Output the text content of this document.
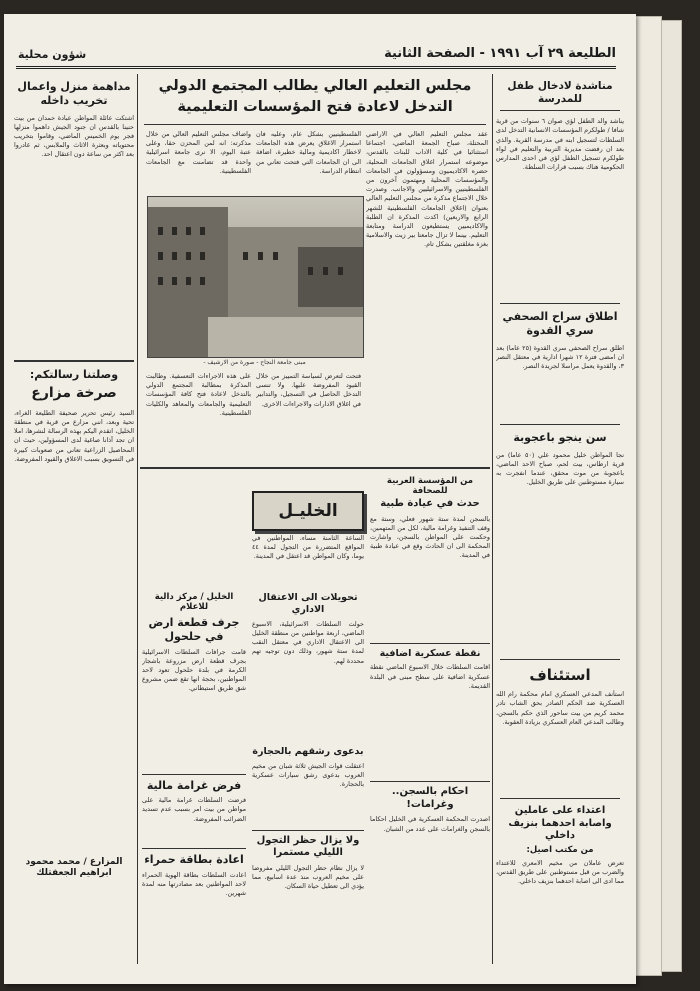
الطليعة ٢٩ آب ١٩٩١ - الصفحة الثانية
شؤون محلية
مناشدة لادخال طفل للمدرسة
يناشد والد الطفل لؤي صوان ٦ سنوات من قرية شافا / طولكرم المؤسسات الانسانية التدخل لدى السلطات لتسجيل ابنه في مدرسة القرية. والذي بعد ان رفضت مديرية التربية والتعليم في لواء طولكرم تسجيل الطفل لؤي في احدى المدارس الحكومية هناك بسبب قرارات السلطة.
اطلاق سراح الصحفي سري القدوة
اطلق سراح الصحفي سري القدوة (٢٥ عاما) بعد ان امضى فترة ١٢ شهرا ادارية في معتقل النصر ٣، والقدوة يعمل مراسلا لجريدة النصر.
سن ينجو باعجوبة
نجا المواطن خليل محمود علي (٥٠ عاما) من قرية ارطاس، بيت لحم، صباح الاحد الماضي، باعجوبة من موت محقق، عندما انفجرت به سيارة مستوطنين على طريق الخليل.
استئناف
استأنف المدعي العسكري امام محكمة رام الله العسكرية ضد الحكم الصادر بحق الشاب نادر محمد كريم من بيت ساحور الذي حكم بالسجن، وطالب المدعي العام العسكري بزيادة العقوبة.
اعتداء على عاملين واصابة احدهما بنزيف داخلي
من مكتب اصيل:
تعرض عاملان من مخيم الامعري للاعتداء والضرب من قبل مستوطنين على طريق القدس، مما ادى الى اصابة احدهما بنزيف داخلي.
مجلس التعليم العالي يطالب المجتمع الدولي التدخل لاعادة فتح المؤسسات التعليمية
عقد مجلس التعليم العالي في الاراضي المحتلة، صباح الجمعة الماضي، اجتماعا استثنائيا في كلية الاداب للبنات بالقدس، موضوعه استمرار اغلاق الجامعات المحلية، حضره الاكاديميون ومسؤولون في الجامعات والمؤسسات المحلية ومهتمون آخرون من الفلسطينيين والاسرائيليين والاجانب. وصدرت خلال الاجتماع مذكرة من مجلس التعليم العالي بعنوان (اغلاق الجامعات الفلسطينية للشهر الرابع والاربعين) اكدت المذكرة ان الطلبة والاكاديميين يستطيعون الدراسة ومتابعة التعليم. بينما لا تزال جامعتا بير زيت والاسلامية بغزة مغلقتين بشكل تام.
الفلسطينيين بشكل عام، وعليه فان استمرار الاغلاق يعرض هذه الجامعات لاخطار اكاديمية ومالية خطيرة، اضافة الى ان الجامعات التي فتحت تعاني من انتظام الدراسة.
واضاف مجلس التعليم العالي من خلال مذكرته: انه لمن المحزن حقا، وعلى عتبة اليوم، الا نرى جامعة اسرائيلية واحدة قد تضامنت مع الجامعات الفلسطينية.
مبنى جامعة النجاح - صورة من الارشيف -
فتحت لتعرض لسياسة التمييز من خلال القيود المفروضة عليها. ولا تنسى التدخل الحاصل في التسجيل، والتدابير في اغلاق الادارات والاجراءات الاخرى.
على هذه الاجراءات التعسفية. وطالبت المذكرة بمطالبة المجتمع الدولي بالتدخل لاعادة فتح كافة المؤسسات التعليمية والجامعات والمعاهد والكليات الفلسطينية.
مداهمة منزل واعمال تخريب داخله
اشتكت عائلة المواطن عبادة حمدان من بيت حنينا بالقدس ان جنود الجيش داهموا منزلها فجر يوم الخميس الماضي، وقاموا بتخريب محتوياته وبعثرة الاثاث والملابس، ثم غادروا بعد اكثر من ساعة دون اعتقال احد.
وصلتنا رسالتكم:
صرخة مزارع
السيد رئيس تحرير صحيفة الطليعة الغراء، تحية وبعد، انني مزارع من قرية في منطقة الخليل، اتقدم اليكم بهذه الرسالة لنشرها، املا ان تجد آذانا صاغية لدى المسؤولين، حيث ان المحاصيل الزراعية تعاني من صعوبات كبيرة في التسويق بسبب الاغلاق والقيود المفروضة.
المزارع / محمد محمود ابراهيم الجعفتلك
الخليـل
من المؤسسة العربية للصحافة
حدث في عيادة طبية
بالسجن لمدة ستة شهور فعلي، وستة مع وقف التنفيذ وغرامة مالية، لكل من المتهمين، وحكمت على المواطن بالسجن، واشارت المحكمة الى ان الحادث وقع في عيادة طبية في المدينة.
نقطة عسكرية اضافية
اقامت السلطات خلال الاسبوع الماضي نقطة عسكرية اضافية على سطح مبنى في البلدة القديمة.
احكام بالسجن.. وغرامات!
اصدرت المحكمة العسكرية في الخليل احكاما بالسجن والغرامات على عدد من الشبان.
الساعة الثامنة مساء، المواطنين في المواقع المتضررة من التجول لمدة ٤٤ يوما، وكان المواطن قد اعتقل في المدينة.
تحويلات الى الاعتقال الاداري
حولت السلطات الاسرائيلية، الاسبوع الماضي، اربعة مواطنين من منطقة الخليل الى الاعتقال الاداري في معتقل النقب لمدة ستة شهور، وذلك دون توجيه تهم محددة لهم.
بدعوى رشقهم بالحجارة
اعتقلت قوات الجيش ثلاثة شبان من مخيم العروب بدعوى رشق سيارات عسكرية بالحجارة.
ولا يزال حظر التجول الليلي مستمرا
لا يزال نظام حظر التجول الليلي مفروضا على مخيم العروب منذ عدة اسابيع، مما يؤدي الى تعطيل حياة السكان.
الخليل / مركز دالية للاعلام
جرف قطعة ارض في حلحول
قامت جرافات السلطات الاسرائيلية بجرف قطعة ارض مزروعة باشجار الكرمة في بلدة حلحول تعود لاحد المواطنين، بحجة انها تقع ضمن مشروع شق طريق استيطاني.
فرض غرامة مالية
فرضت السلطات غرامة مالية على مواطن من بيت امر بسبب عدم تسديد الضرائب المفروضة.
اعادة بطاقة حمراء
اعادت السلطات بطاقة الهوية الحمراء لاحد المواطنين بعد مصادرتها منه لمدة شهرين.
